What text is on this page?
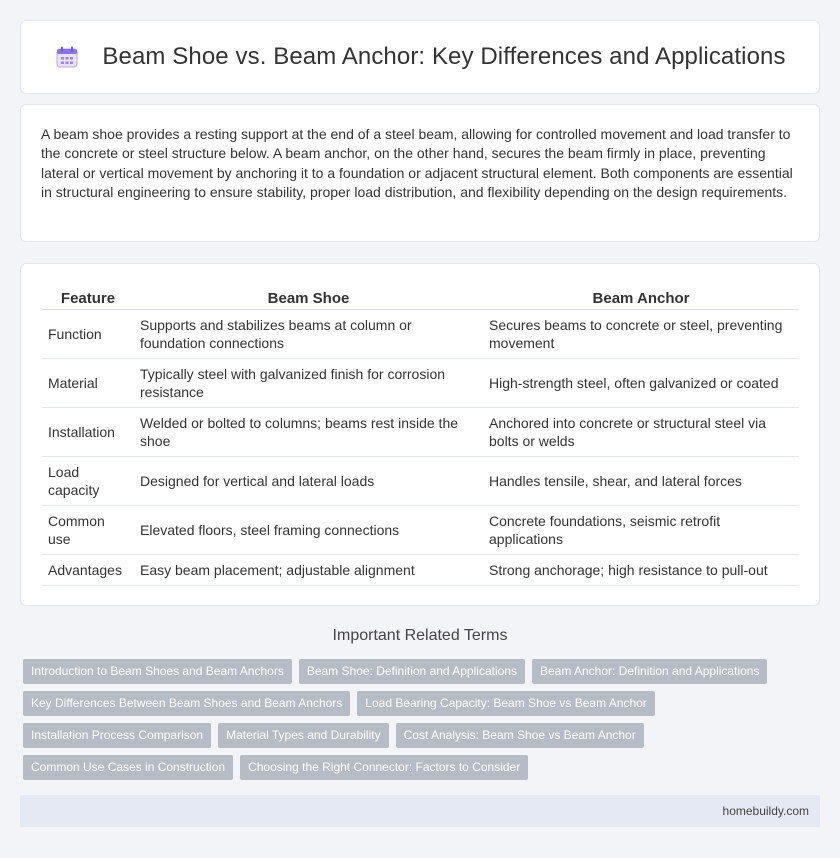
Beam Shoe vs. Beam Anchor: Key Differences and Applications

A beam shoe provides a resting support at the end of a steel beam, allowing for controlled movement and load transfer to the concrete or steel structure below. A beam anchor, on the other hand, secures the beam firmly in place, preventing lateral or vertical movement by anchoring it to a foundation or adjacent structural element. Both components are essential in structural engineering to ensure stability, proper load distribution, and flexibility depending on the design requirements.

Feature	Beam Shoe	Beam Anchor
Function	Supports and stabilizes beams at column or foundation connections	Secures beams to concrete or steel, preventing movement
Material	Typically steel with galvanized finish for corrosion resistance	High-strength steel, often galvanized or coated
Installation	Welded or bolted to columns; beams rest inside the shoe	Anchored into concrete or structural steel via bolts or welds
Load capacity	Designed for vertical and lateral loads	Handles tensile, shear, and lateral forces
Common use	Elevated floors, steel framing connections	Concrete foundations, seismic retrofit applications
Advantages	Easy beam placement; adjustable alignment	Strong anchorage; high resistance to pull-out
Important Related Terms
Introduction to Beam Shoes and Beam Anchors	Beam Shoe: Definition and Applications	Beam Anchor: Definition and Applications
Key Differences Between Beam Shoes and Beam Anchors	Load Bearing Capacity: Beam Shoe vs Beam Anchor
Installation Process Comparison	Material Types and Durability	Cost Analysis: Beam Shoe vs Beam Anchor
Common Use Cases in Construction	Choosing the Right Connector: Factors to Consider
homebuildy.com
